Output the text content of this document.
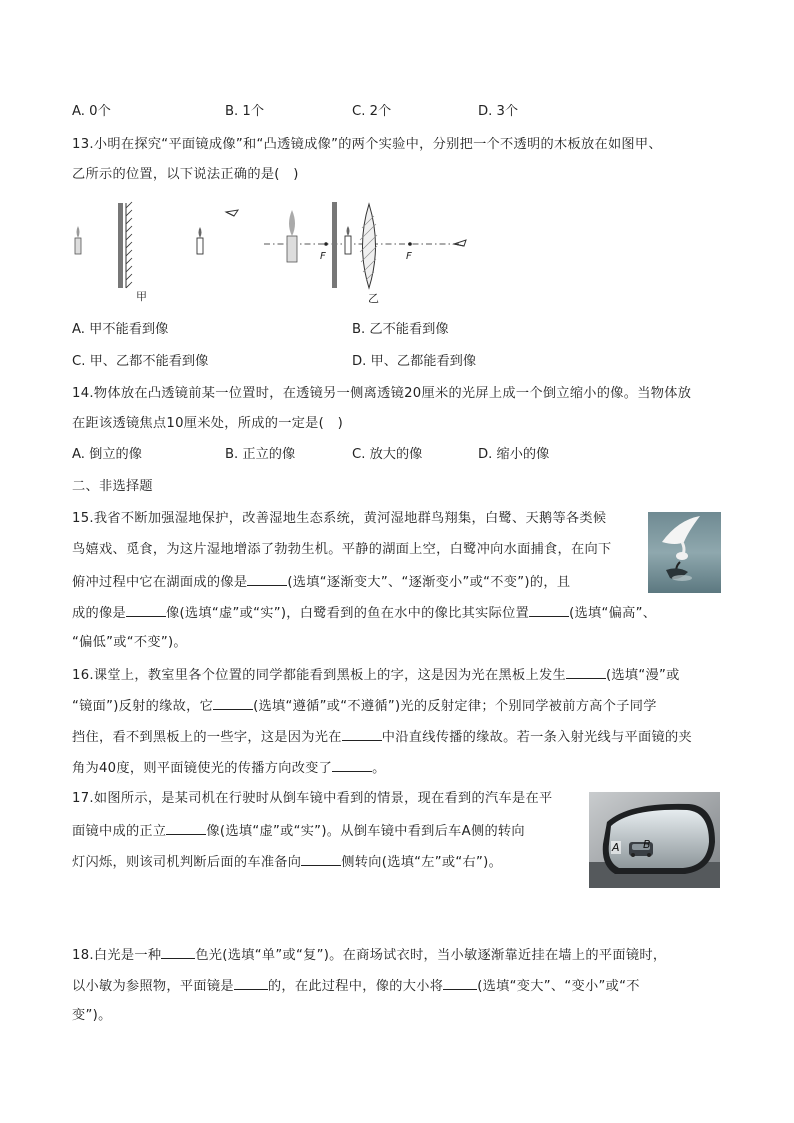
A. 0个	B. 1个	C. 2个	D. 3个
13.小明在探究“平面镜成像”和“凸透镜成像”的两个实验中，分别把一个不透明的木板放在如图甲、
乙所示的位置，以下说法正确的是(　)
甲
F	F
乙
A. 甲不能看到像	B. 乙不能看到像
C. 甲、乙都不能看到像	D. 甲、乙都能看到像
14.物体放在凸透镜前某一位置时，在透镜另一侧离透镜20厘米的光屏上成一个倒立缩小的像。当物体放
在距该透镜焦点10厘米处，所成的一定是(　)
A. 倒立的像	B. 正立的像	C. 放大的像	D. 缩小的像
二、非选择题
15.我省不断加强湿地保护，改善湿地生态系统，黄河湿地群鸟翔集，白鹭、天鹅等各类候
鸟嬉戏、觅食，为这片湿地增添了勃勃生机。平静的湖面上空，白鹭冲向水面捕食，在向下
俯冲过程中它在湖面成的像是	(选填“逐渐变大”、“逐渐变小”或“不变”)的，且
成的像是	像(选填“虚”或“实”)，白鹭看到的鱼在水中的像比其实际位置	(选填“偏高”、
“偏低”或“不变”)。
16.课堂上，教室里各个位置的同学都能看到黑板上的字，这是因为光在黑板上发生	(选填“漫”或
“镜面”)反射的缘故，它	(选填“遵循”或“不遵循”)光的反射定律；个别同学被前方高个子同学
挡住，看不到黑板上的一些字，这是因为光在	中沿直线传播的缘故。若一条入射光线与平面镜的夹
角为40度，则平面镜使光的传播方向改变了	。
17.如图所示，是某司机在行驶时从倒车镜中看到的情景，现在看到的汽车是在平
面镜中成的正立	像(选填“虚”或“实”)。从倒车镜中看到后车A侧的转向
灯闪烁，则该司机判断后面的车准备向	侧转向(选填“左”或“右”)。
A B
18.白光是一种	色光(选填“单”或“复”)。在商场试衣时，当小敏逐渐靠近挂在墙上的平面镜时，
以小敏为参照物，平面镜是	的，在此过程中，像的大小将	(选填“变大”、“变小”或“不
变”)。
